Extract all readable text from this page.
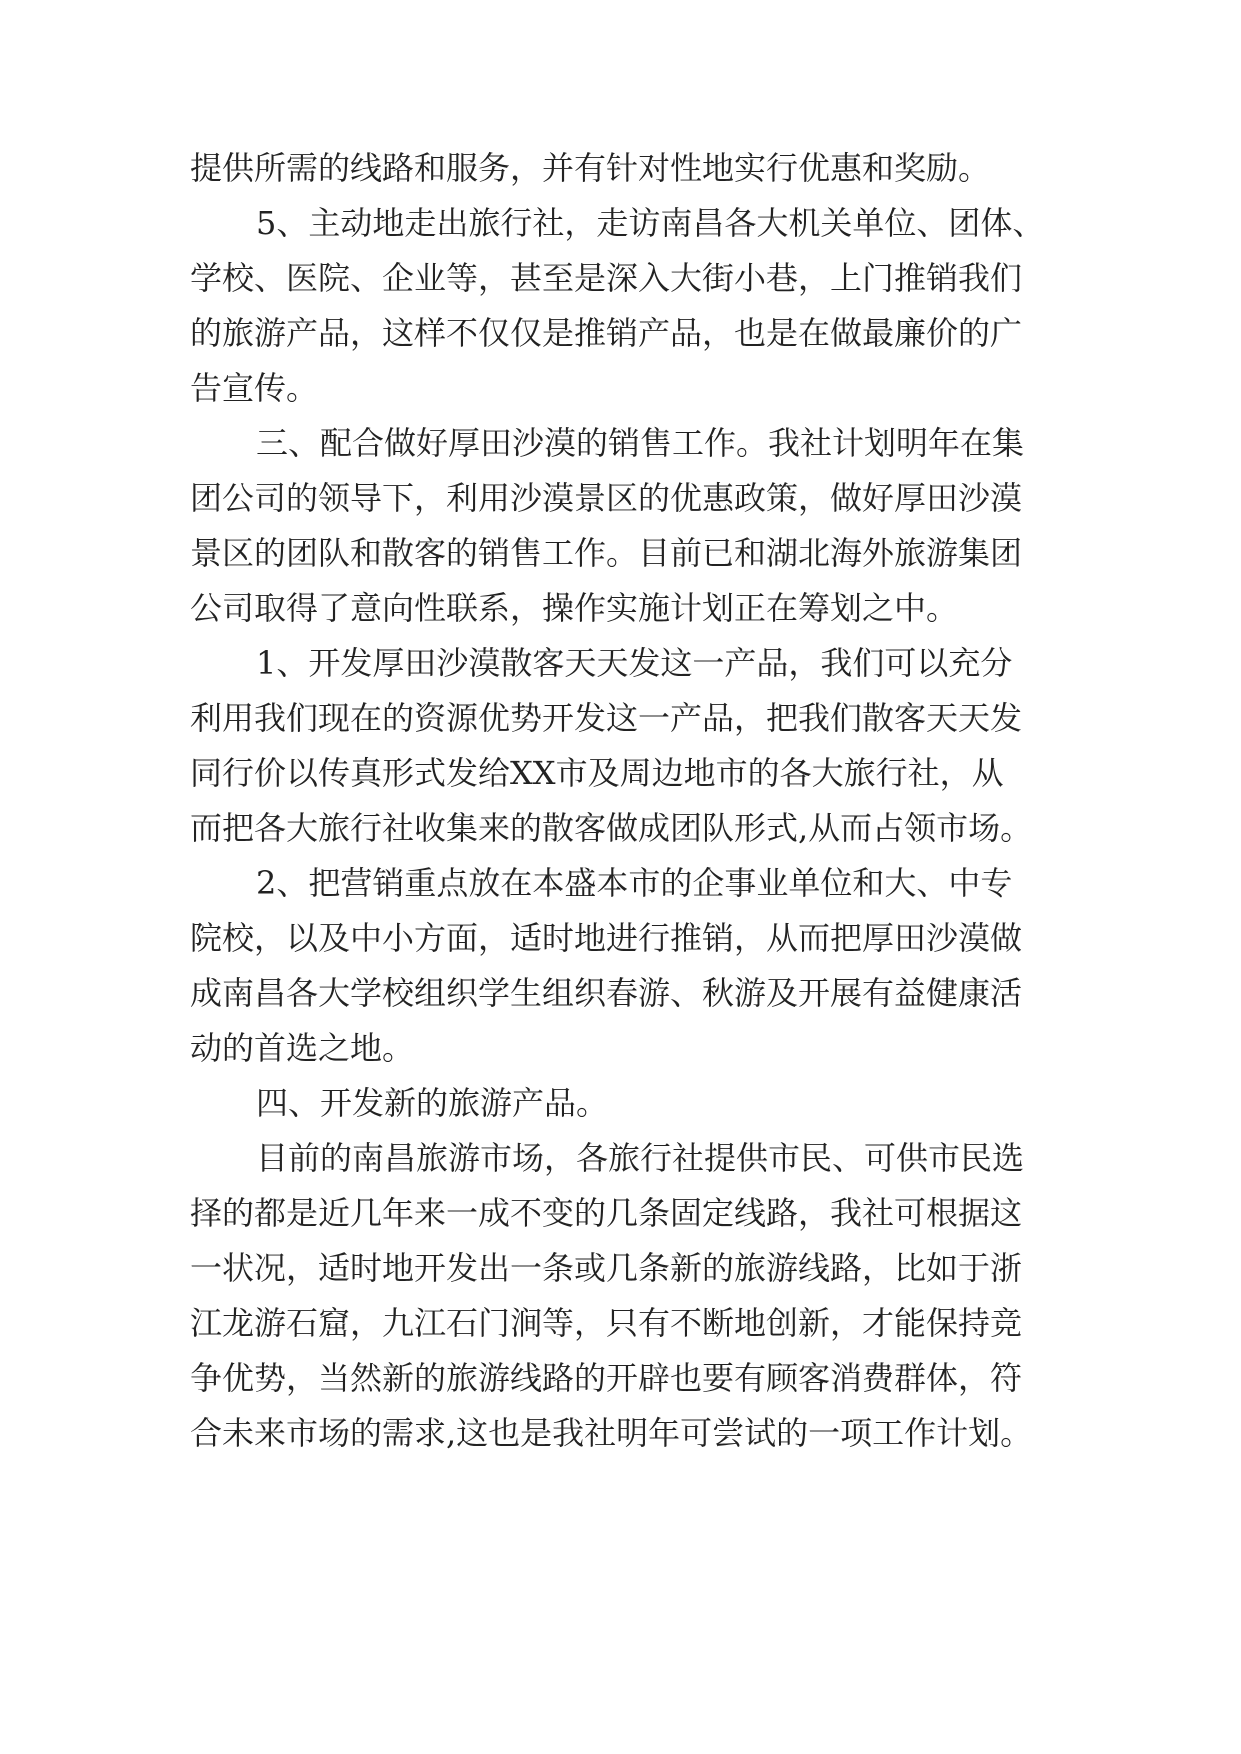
提供所需的线路和服务，并有针对性地实行优惠和奖励。
5、主动地走出旅行社，走访南昌各大机关单位、团体、
学校、医院、企业等，甚至是深入大街小巷，上门推销我们
的旅游产品，这样不仅仅是推销产品，也是在做最廉价的广
告宣传。
三、配合做好厚田沙漠的销售工作。我社计划明年在集
团公司的领导下，利用沙漠景区的优惠政策，做好厚田沙漠
景区的团队和散客的销售工作。目前已和湖北海外旅游集团
公司取得了意向性联系，操作实施计划正在筹划之中。
1、开发厚田沙漠散客天天发这一产品，我们可以充分
利用我们现在的资源优势开发这一产品，把我们散客天天发
同行价以传真形式发给XX市及周边地市的各大旅行社，从
而把各大旅行社收集来的散客做成团队形式,从而占领市场。
2、把营销重点放在本盛本市的企事业单位和大、中专
院校，以及中小方面，适时地进行推销，从而把厚田沙漠做
成南昌各大学校组织学生组织春游、秋游及开展有益健康活
动的首选之地。
四、开发新的旅游产品。
目前的南昌旅游市场，各旅行社提供市民、可供市民选
择的都是近几年来一成不变的几条固定线路，我社可根据这
一状况，适时地开发出一条或几条新的旅游线路，比如于浙
江龙游石窟，九江石门涧等，只有不断地创新，才能保持竞
争优势，当然新的旅游线路的开辟也要有顾客消费群体，符
合未来市场的需求,这也是我社明年可尝试的一项工作计划。
